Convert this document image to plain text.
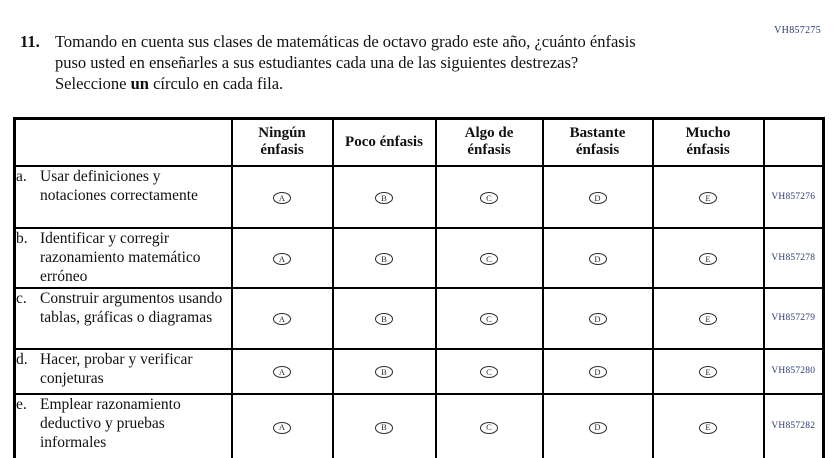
VH857275
11. Tomando en cuenta sus clases de matemáticas de octavo grado este año, ¿cuánto énfasis puso usted en enseñarles a sus estudiantes cada una de las siguientes destrezas? Seleccione un círculo en cada fila.

	Ningún énfasis	Poco énfasis	Algo de énfasis	Bastante énfasis	Mucho énfasis	

a. Usar definiciones y notaciones correctamente	A	B	C	D	E	VH857276

b. Identificar y corregir razonamiento matemático erróneo	A	B	C	D	E	VH857278

c. Construir argumentos usando tablas, gráficas o diagramas	A	B	C	D	E	VH857279

d. Hacer, probar y verificar conjeturas	A	B	C	D	E	VH857280

e. Emplear razonamiento deductivo y pruebas informales	A	B	C	D	E	VH857282
